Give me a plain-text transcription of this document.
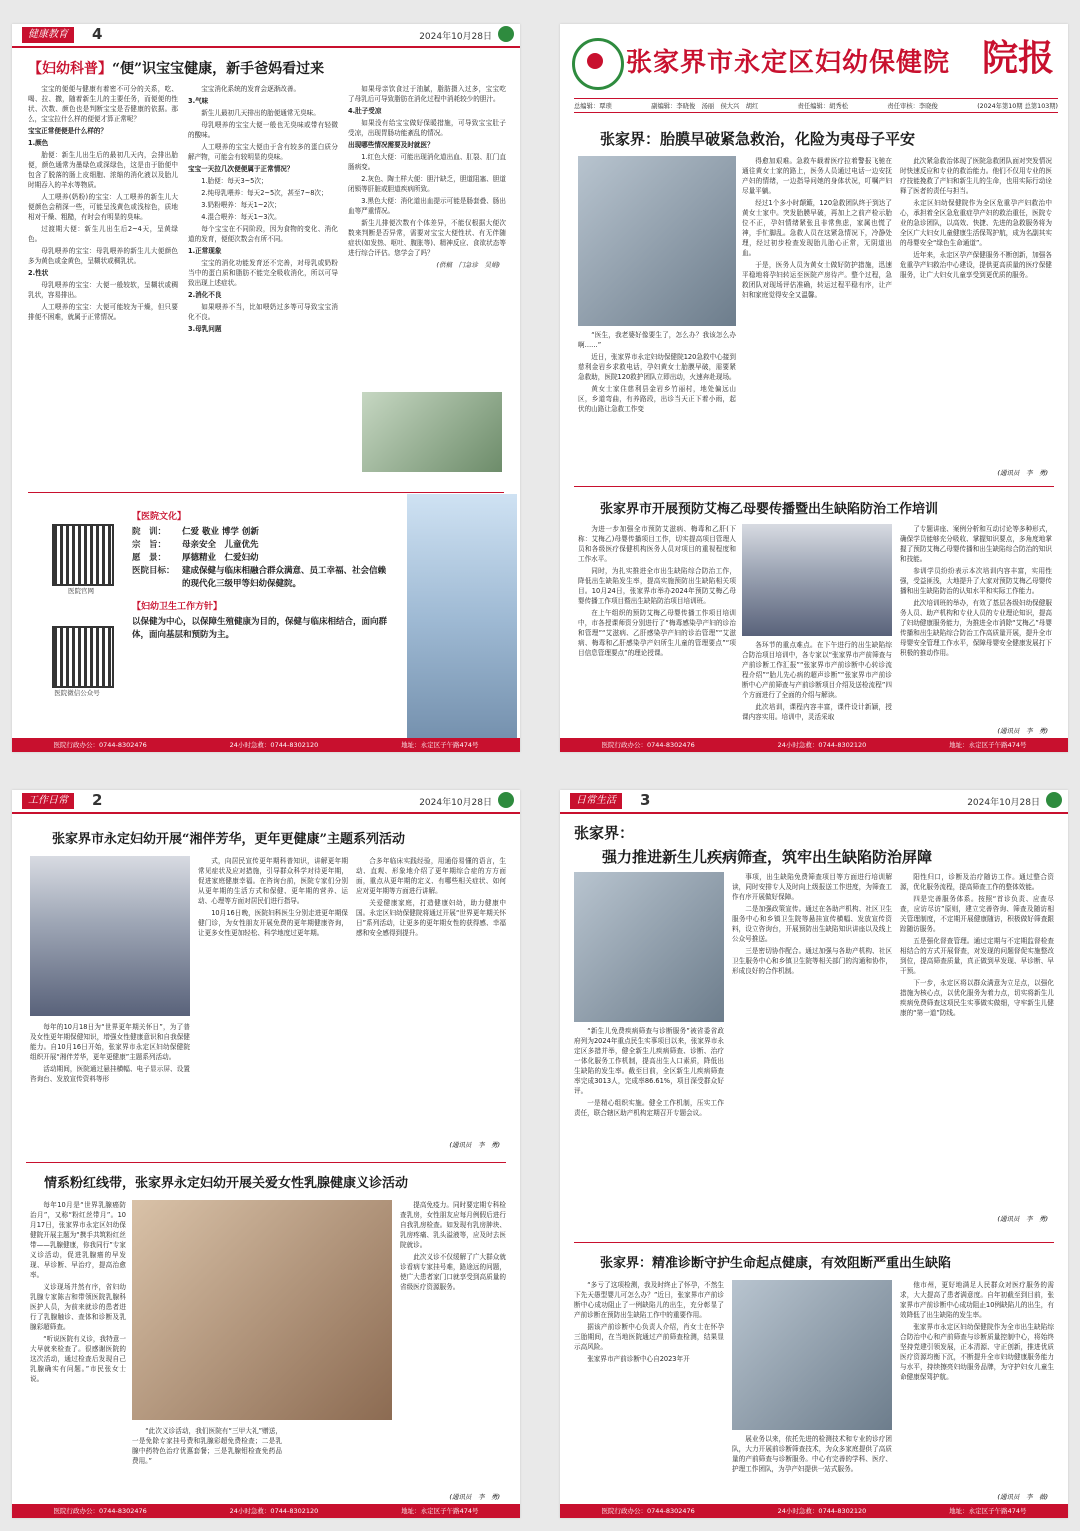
健康教育	4	2024年10月28日
【妇幼科普】“便”识宝宝健康，新手爸妈看过来

宝宝的便便与健康有着密不可分的关系，吃、喝、拉、撒，随着新生儿的主要任务，而便便的性状、次数、颜色也是判断宝宝是否健康的依据。那么，宝宝拉什么样的便便才算正常呢？

宝宝正常便便是什么样的？

1.颜色

胎便：新生儿出生后的最初几天内，会排出胎便，颜色通常为墨绿色或深绿色，这是由于胎便中包含了脱落的肠上皮细胞、浓缩的消化液以及胎儿时期吞入的羊水等物质。

人工喂养(奶粉)的宝宝：人工喂养的新生儿大便颜色会稍深一些，可能呈浅黄色或浅棕色，质地相对干燥、粗糙，有时会有明显的臭味。

过渡期大便：新生儿出生后2~4天，呈黄绿色。

母乳喂养的宝宝：母乳喂养的新生儿大便颜色多为黄色或金黄色，呈糊状或稠乳状。

2.性状

母乳喂养的宝宝：大便一般较软，呈糊状或稠乳状，容易排出。

人工喂养的宝宝：大便可能较为干燥，但只要排便不困难，就属于正常情况。

宝宝消化系统的发育会逐渐改善。

3.气味

新生儿最初几天排出的胎便通常无臭味。

母乳喂养的宝宝大便一般也无臭味或带有轻微的酸味。

人工喂养的宝宝大便由于含有较多的蛋白质分解产物，可能会有较明显的臭味。

宝宝一天拉几次便便属于正常情况？

1.胎便：每天3~5次；

2.纯母乳喂养：每天2~5次，甚至7~8次；

3.奶粉喂养：每天1~2次；

4.混合喂养：每天1~3次。

每个宝宝在不同阶段，因为食物的变化、消化道的发育，便便次数会有所不同。

1.正常现象

宝宝的消化功能发育还不完善，对母乳或奶粉当中的蛋白质和脂肪不能完全吸收消化，所以可导致出现上述症状。

2.消化不良

如果喂养不当，比如喂奶过多等可导致宝宝消化不良。

3.母乳问题

如果母亲饮食过于油腻，脂肪摄入过多，宝宝吃了母乳后可导致脂肪在消化过程中消耗较少的胆汁。

4.肚子受凉

如果没有给宝宝做好保暖措施，可导致宝宝肚子受凉，出现胃肠功能紊乱的情况。

出现哪些情况需要及时就医？

1.红色大便：可能出现消化道出血、肛裂、肛门直肠病变。

2.灰色、陶土样大便：胆汁缺乏，胆道阻塞、胆道闭锁等肝脏或胆道疾病所致。

3.黑色大便：消化道出血提示可能是肠套叠、肠出血等严重情况。

新生儿排便次数有个体差异，不能仅根据大便次数来判断是否异常，需要对宝宝大便性状、有无伴随症状(如发热、呕吐、腹胀等)、精神反应、食欲状态等进行综合评估。您学会了吗？

(供稿　门急诊　吴娟)
医院官网
医院微信公众号
【医院文化】
院　训：	仁爱 敬业 博学 创新
宗　旨：	母亲安全　儿童优先
愿　景：	厚德精业　仁爱妇幼
医院目标： 建成保健与临床相融合群众满意、员工幸福、社会信赖的现代化三级甲等妇幼保健院。
【妇幼卫生工作方针】
以保健为中心，以保障生殖健康为目的，保健与临床相结合，面向群体，面向基层和预防为主。
医院行政办公：0744-8302476	24小时急救：0744-8302120	地址：永定区子午路474号
张家界市永定区妇幼保健院 院报
总编辑：覃琐	副编辑：李晓俊　汤丽　侯大兴　胡红	责任编辑：胡秀松	责任审核：李晓俊	(2024年第10期 总第103期)
张家界：胎膜早破紧急救治，化险为夷母子平安

“医生，我老婆好像要生了，怎么办？我该怎么办啊……”

近日，张家界市永定妇幼保健院120急救中心接到慈利金岩乡求救电话，孕妇黄女士胎膜早破，需要紧急救助，医院120救护团队立即出动，火速奔赴现场。

黄女士家住慈利县金岩乡竹丽村，地处偏远山区，乡道弯曲，有养路段，出诊当天正下着小雨，起伏的山路让急救工作变

得愈加艰难。急救车载着医疗拉着警报飞驰在通往黄女士家的路上，医务人员通过电话一边安抚产妇的情绪，一边指导问她的身体状况，叮嘱产妇尽量平躺。

经过1个多小时颠簸，120急救团队终于到达了黄女士家中。突发胎膜早破，再加上之前产检示胎位不正，孕妇情绪紧张且非常焦虑，家属也慌了神，手忙脚乱。急救人员在这紧急情况下，冷静处理，经过初步检查发现胎儿胎心正常，无阴道出血。

于是，医务人员为黄女士做好防护措施，迅速平稳地将孕妇转运至医院产房待产。整个过程，急救团队对现场评估准确，转运过程平稳有序，让产妇和家庭觉得安全又温馨。

此次紧急救治体现了医院急救团队面对突发情况时快速反应和专业的救治能力。他们不仅用专业的医疗技能挽救了产妇和新生儿的生命，也用实际行动诠释了医者的责任与担当。

永定区妇幼保健院作为全区危重孕产妇救治中心，承担着全区急危重症孕产妇的救治重任，医院专业的急诊团队，以高效、快捷、先进的急救服务将为全区广大妇女儿童健康生活保驾护航，成为名副其实的母婴安全“绿色生命通道”。

近年来，永定区孕产保健服务不断创新，加强各危重孕产妇救治中心建设，提供更高质量的医疗保健服务，让广大妇女儿童享受到更优质的服务。

(通讯员　李　勇)
张家界市开展预防艾梅乙母婴传播暨出生缺陷防治工作培训

为进一步加强全市预防艾滋病、梅毒和乙肝(下称：艾梅乙)母婴传播项目工作，切实提高项目管理人员和各级医疗保健机构医务人员对项目的重视程度和工作水平。

同时，为扎实推进全市出生缺陷综合防治工作，降低出生缺陷发生率，提高实施预防出生缺陷相关项目。10月24日，张家界市举办2024年预防艾梅乙母婴传播工作项目暨出生缺陷防治项目培训班。

在上午组织的预防艾梅乙母婴传播工作项目培训中，市各授课师资分别进行了“梅毒感染孕产妇的诊治和管理”“艾滋病、乙肝感染孕产妇的诊治管理”“艾滋病、梅毒和乙肝感染孕产妇所生儿童的管理要点”“项目信息管理要点”的理论授课。

各环节的重点难点。在下午进行的出生缺陷综合防治项目培训中，各专家以“张家界市产前筛查与产前诊断工作汇报”“张家界市产前诊断中心转诊流程介绍”“胎儿先心病的超声诊断”“张家界市产前诊断中心产前筛查与产前诊断项目介绍及送检流程”四个方面进行了全面的介绍与解读。

此次培训，课程内容丰富，课件设计新颖，授课内容实用。培训中，灵活采取

了专题讲座、案例分析和互动讨论等多种形式，确保学员能够充分吸收、掌握知识要点，多角度地掌握了预防艾梅乙母婴传播和出生缺陷综合防治的知识和技能。

参训学员纷纷表示本次培训内容丰富，实用性强，受益匪浅，大地提升了大家对预防艾梅乙母婴传播和出生缺陷防治的认知水平和实际工作能力。

此次培训班的举办，有效了基层各级妇幼保健服务人员、助产机构和专业人员的专业理论知识，提高了妇幼健康服务能力，为推进全市消除“艾梅乙”母婴传播和出生缺陷综合防治工作高质量开展，提升全市母婴安全管理工作水平，保障母婴安全健康发展打下积极的推动作用。

(通讯员　李　勇)
医院行政办公：0744-8302476	24小时急救：0744-8302120	地址：永定区子午路474号
工作日常	2	2024年10月28日
张家界市永定妇幼开展“湘伴芳华，更年更健康”主题系列活动

每年的10月18日为“世界更年期关怀日”，为了普及女性更年期保健知识，增强女性健康意识和自我保健能力。自10月16日开始，张家界市永定区妇幼保健院组织开展“湘伴芳华，更年更健康”主题系列活动。

活动期间，医院通过悬挂横幅、电子显示屏、设置咨询台、发放宣传资料等形

式，向居民宣传更年期科普知识，讲解更年期常见症状及应对措施，引导群众科学对待更年期，促进家庭健康幸福。在咨询台前，医院专家们分别从更年期的生活方式和保健、更年期的营养、运动、心理等方面对居民们进行指导。

10月16日晚，医院妇科医生分别走进更年期保健门诊，为女性朋友开展免费的更年期健康咨询，让更多女性更加轻松、科学地度过更年期。

合多年临床实践经验，用通俗易懂的语言，生动、直观、形象地介绍了更年期综合症的方方面面，重点从更年期的定义、有哪些相关症状、如何应对更年期等方面进行讲解。

关爱健康家庭，打造健康妇幼，助力健康中国。永定区妇幼保健院将通过开展“世界更年期关怀日”系列活动，让更多的更年期女性的获得感、幸福感和安全感得到提升。

(通讯员　李　勇)
情系粉红线带，张家界永定妇幼开展关爱女性乳腺健康义诊活动

每年10月是“世界乳腺癌防治月”，又称“粉红丝带月”。10月17日，张家界市永定区妇幼保健院开展主题为“携手共筑粉红丝带——乳腺健康，你我同行”专家义诊活动，促进乳腺癌的早发现、早诊断、早治疗，提高治愈率。

义诊现场井然有序，省妇幼乳腺专家陈吉和带领医院乳腺科医护人员，为前来就诊的患者进行了乳腺触诊、查体和诊断及乳腺彩超筛查。

“听说医院有义诊，我特意一大早就来检查了。很感谢医院的这次活动，通过检查后发现自己乳腺确实有问题。”市民张女士说。

“此次义诊活动，我们医院有“三甲大礼”赠送，一是免除专家挂号费和乳腺彩超免费检查；二是乳腺中药特色治疗优惠套餐；三是乳腺钼检查免药品费用。”

提高免疫力。同时要定期专科检查乳房，女性朋友应每月例假后进行自我乳房检查。如发现有乳房肿块、乳房疼痛、乳头溢液等，应及时去医院就诊。

此次义诊不仅缓解了广大群众就诊看病专家挂号难，路途远的问题，使广大患者家门口就享受到高质量的省级医疗资源服务。

(通讯员　李　勇)
医院行政办公：0744-8302476	24小时急救：0744-8302120	地址：永定区子午路474号
日常生活	3	2024年10月28日
张家界：
强力推进新生儿疾病筛查，筑牢出生缺陷防治屏障

“新生儿免费疾病筛查与诊断服务”被省委省政府列为2024年重点民生实事项目以来，张家界市永定区多措并举，健全新生儿疾病筛查、诊断、治疗一体化服务工作机制，提高出生人口素质，降低出生缺陷的发生率。截至目前，全区新生儿疾病筛查率完成3013人，完成率86.61%，项目深受群众好评。

一是精心组织实施。健全工作机制，压实工作责任，联合辖区助产机构定期召开专题会议。

事项，出生缺陷免费筛查项目等方面进行培训解读，同时安排专人及时向上级报送工作进度，为筛查工作有序开展做好保障。

二是加强政策宣传。通过在各助产机构、社区卫生服务中心和乡镇卫生院等悬挂宣传横幅、发放宣传资料，设立咨询台，开展预防出生缺陷知识讲座以及线上公众号推送。

三是密切协作配合。通过加强与各助产机构、社区卫生服务中心和乡镇卫生院等相关部门的沟通和协作，形成良好的合作机制。

阳性归口，诊断及治疗随访工作。通过整合资源，优化服务流程，提高筛查工作的整体效能。

四是完善服务体系。按照“首诊负责、应查尽查，应访尽访”原则，建立完善咨询、筛查及随访相关管理制度，不定期开展健康随访，积极做好筛查跟踪随访服务。

五是强化督查管理。通过定期与不定期监督检查相结合的方式开展督查，对发现的问题督促实施整改到位，提高筛查质量，真正做到早发现、早诊断、早干预。

下一步，永定区将以群众满意为立足点，以强化措施为核心点，以优化服务为着力点，切实将新生儿疾病免费筛查这项民生实事做实做细，守牢新生儿健康的“第一道”防线。

(通讯员　李　勇)
张家界：精准诊断守护生命起点健康，有效阻断严重出生缺陷

“多亏了这项检测，我及时终止了怀孕，不然生下先天愚型婴儿可怎么办？”近日，张家界市产前诊断中心成功阻止了一例缺陷儿的出生，充分彰显了产前诊断在预防出生缺陷工作中的重要作用。

据该产前诊断中心负责人介绍，肖女士在怀孕三胎期间，在当地医院通过产前筛查检测，结果显示高风险。

张家界市产前诊断中心自2023年开

展业务以来，依托先进的检测技术和专业的诊疗团队，大力开展前诊断筛查技术，为众多家庭提供了高质量的产前筛查与诊断服务。中心有完善的学科、医疗、护理工作团队，为孕产妇提供一站式服务。

他市州，更好地满足人民群众对医疗服务的需求，大大提高了患者满意度。自年初截至到目前，张家界市产前诊断中心成功阻止10例缺陷儿的出生，有效降低了出生缺陷的发生率。

张家界市永定区妇幼保健院作为全市出生缺陷综合防治中心和产前筛查与诊断质量控制中心，将始终坚持党建引领发展，正本清源、守正创新，推进优质医疗资源均衡下沉，不断提升全市妇幼健康服务能力与水平，持续擦亮妇幼服务品牌，为守护妇女儿童生命健康保驾护航。

(通讯员　李　薇)
医院行政办公：0744-8302476	24小时急救：0744-8302120	地址：永定区子午路474号
